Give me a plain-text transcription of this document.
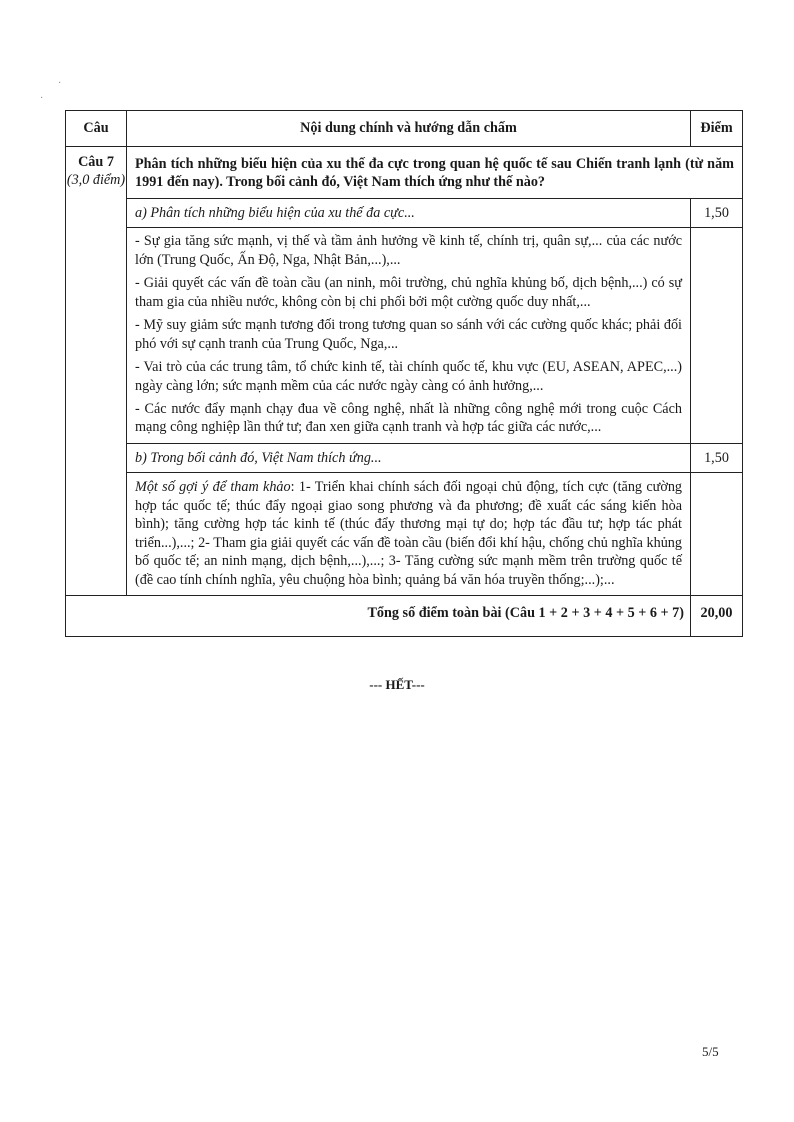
·
·
Câu	Nội dung chính và hướng dẫn chấm	Điểm

Câu 7
(3,0 điểm)	Phân tích những biểu hiện của xu thế đa cực trong quan hệ quốc tế sau Chiến tranh lạnh (từ năm 1991 đến nay). Trong bối cảnh đó, Việt Nam thích ứng như thế nào?	
	a) Phân tích những biểu hiện của xu thế đa cực...	1,50

	- Sự gia tăng sức mạnh, vị thế và tầm ảnh hưởng về kinh tế, chính trị, quân sự,... của các nước lớn (Trung Quốc, Ấn Độ, Nga, Nhật Bản,...),...

- Giải quyết các vấn đề toàn cầu (an ninh, môi trường, chủ nghĩa khủng bố, dịch bệnh,...) có sự tham gia của nhiều nước, không còn bị chi phối bởi một cường quốc duy nhất,...

- Mỹ suy giảm sức mạnh tương đối trong tương quan so sánh với các cường quốc khác; phải đối phó với sự cạnh tranh của Trung Quốc, Nga,...

- Vai trò của các trung tâm, tổ chức kinh tế, tài chính quốc tế, khu vực (EU, ASEAN, APEC,...) ngày càng lớn; sức mạnh mềm của các nước ngày càng có ảnh hưởng,...

- Các nước đẩy mạnh chạy đua về công nghệ, nhất là những công nghệ mới trong cuộc Cách mạng công nghiệp lần thứ tư; đan xen giữa cạnh tranh và hợp tác giữa các nước,...	

	b) Trong bối cảnh đó, Việt Nam thích ứng...	1,50
	Một số gợi ý để tham khảo: 1- Triển khai chính sách đối ngoại chủ động, tích cực (tăng cường hợp tác quốc tế; thúc đẩy ngoại giao song phương và đa phương; đề xuất các sáng kiến hòa bình); tăng cường hợp tác kinh tế (thúc đẩy thương mại tự do; hợp tác đầu tư; hợp tác phát triển...),...; 2- Tham gia giải quyết các vấn đề toàn cầu (biến đổi khí hậu, chống chủ nghĩa khủng bố quốc tế; an ninh mạng, dịch bệnh,...),...; 3- Tăng cường sức mạnh mềm trên trường quốc tế (đề cao tính chính nghĩa, yêu chuộng hòa bình; quảng bá văn hóa truyền thống;...);...	
Tổng số điểm toàn bài (Câu 1 + 2 + 3 + 4 + 5 + 6 + 7)		20,00
--- HẾT---
5/5
